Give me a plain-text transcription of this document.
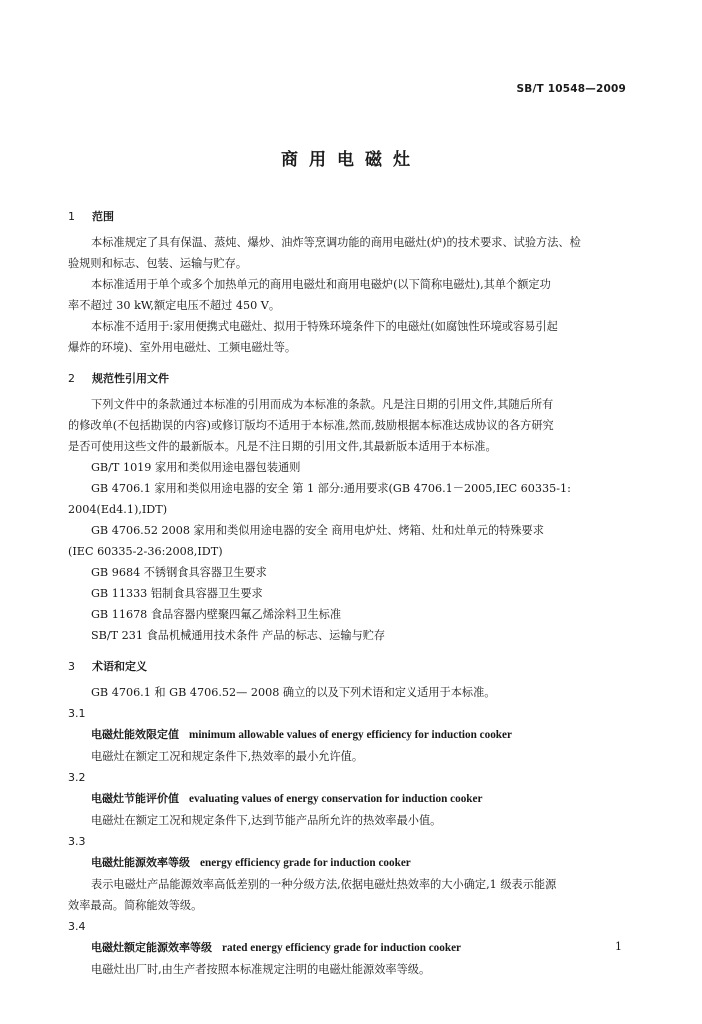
SB/T 10548—2009
商用电磁灶

1 范围

本标准规定了具有保温、蒸炖、爆炒、油炸等烹调功能的商用电磁灶(炉)的技术要求、试验方法、检

验规则和标志、包装、运输与贮存。

本标准适用于单个或多个加热单元的商用电磁灶和商用电磁炉(以下简称电磁灶),其单个额定功

率不超过 30 kW,额定电压不超过 450 V。

本标准不适用于:家用便携式电磁灶、拟用于特殊环境条件下的电磁灶(如腐蚀性环境或容易引起

爆炸的环境)、室外用电磁灶、工频电磁灶等。

2 规范性引用文件

下列文件中的条款通过本标准的引用而成为本标准的条款。凡是注日期的引用文件,其随后所有

的修改单(不包括勘误的内容)或修订版均不适用于本标准,然而,鼓励根据本标准达成协议的各方研究

是否可使用这些文件的最新版本。凡是不注日期的引用文件,其最新版本适用于本标准。

GB/T 1019 家用和类似用途电器包装通则

GB 4706.1 家用和类似用途电器的安全 第 1 部分:通用要求(GB 4706.1－2005,IEC 60335-1:

2004(Ed4.1),IDT)

GB 4706.52 2008 家用和类似用途电器的安全 商用电炉灶、烤箱、灶和灶单元的特殊要求

(IEC 60335-2-36:2008,IDT)

GB 9684 不锈钢食具容器卫生要求

GB 11333 铝制食具容器卫生要求

GB 11678 食品容器内壁聚四氟乙烯涂料卫生标准

SB/T 231 食品机械通用技术条件 产品的标志、运输与贮存

3 术语和定义

GB 4706.1 和 GB 4706.52— 2008 确立的以及下列术语和定义适用于本标准。

3.1

电磁灶能效限定值 minimum allowable values of energy efficiency for induction cooker

电磁灶在额定工况和规定条件下,热效率的最小允许值。

3.2

电磁灶节能评价值 evaluating values of energy conservation for induction cooker

电磁灶在额定工况和规定条件下,达到节能产品所允许的热效率最小值。

3.3

电磁灶能源效率等级 energy efficiency grade for induction cooker

表示电磁灶产品能源效率高低差别的一种分级方法,依据电磁灶热效率的大小确定,1 级表示能源

效率最高。简称能效等级。

3.4

电磁灶额定能源效率等级 rated energy efficiency grade for induction cooker

电磁灶出厂时,由生产者按照本标准规定注明的电磁灶能源效率等级。

1
